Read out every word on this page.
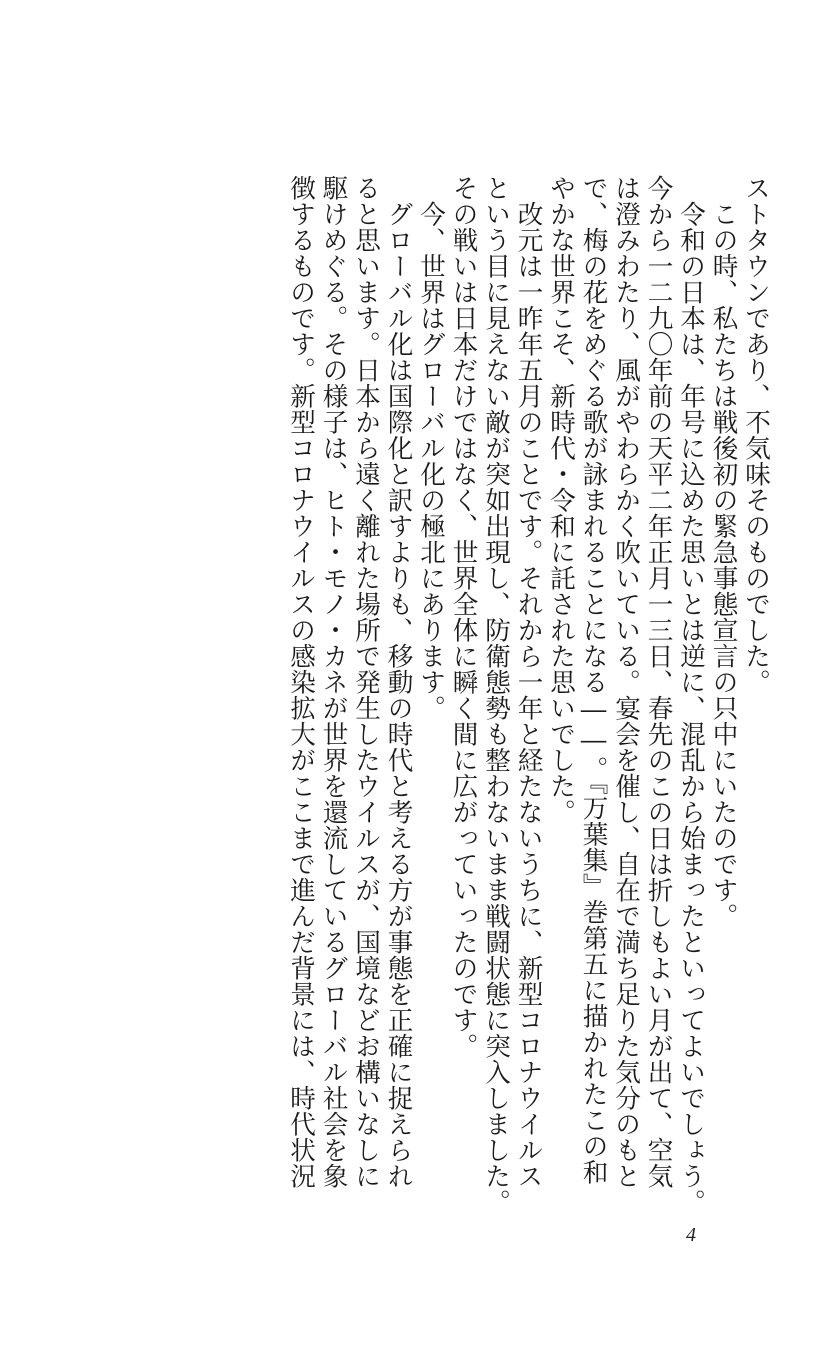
ストタウンであり、不気味そのものでした。
　この時、私たちは戦後初の緊急事態宣言の只中にいたのです。
　令和の日本は、年号に込めた思いとは逆に、混乱から始まったといってよいでしょう。
今から一二九〇年前の天平二年正月一三日、春先のこの日は折しもよい月が出て、空気
は澄みわたり、風がやわらかく吹いている。宴会を催し、自在で満ち足りた気分のもと
で、梅の花をめぐる歌が詠まれることになる――。『万葉集』巻第五に描かれたこの和
やかな世界こそ、新時代・令和に託された思いでした。
　改元は一昨年五月のことです。それから一年と経たないうちに、新型コロナウイルス
という目に見えない敵が突如出現し、防衛態勢も整わないまま戦闘状態に突入しました。
その戦いは日本だけではなく、世界全体に瞬く間に広がっていったのです。
　今、世界はグローバル化の極北にあります。
　グローバル化は国際化と訳すよりも、移動の時代と考える方が事態を正確に捉えられ
ると思います。日本から遠く離れた場所で発生したウイルスが、国境などお構いなしに
駆けめぐる。その様子は、ヒト・モノ・カネが世界を還流しているグローバル社会を象
徴するものです。新型コロナウイルスの感染拡大がここまで進んだ背景には、時代状況
4
